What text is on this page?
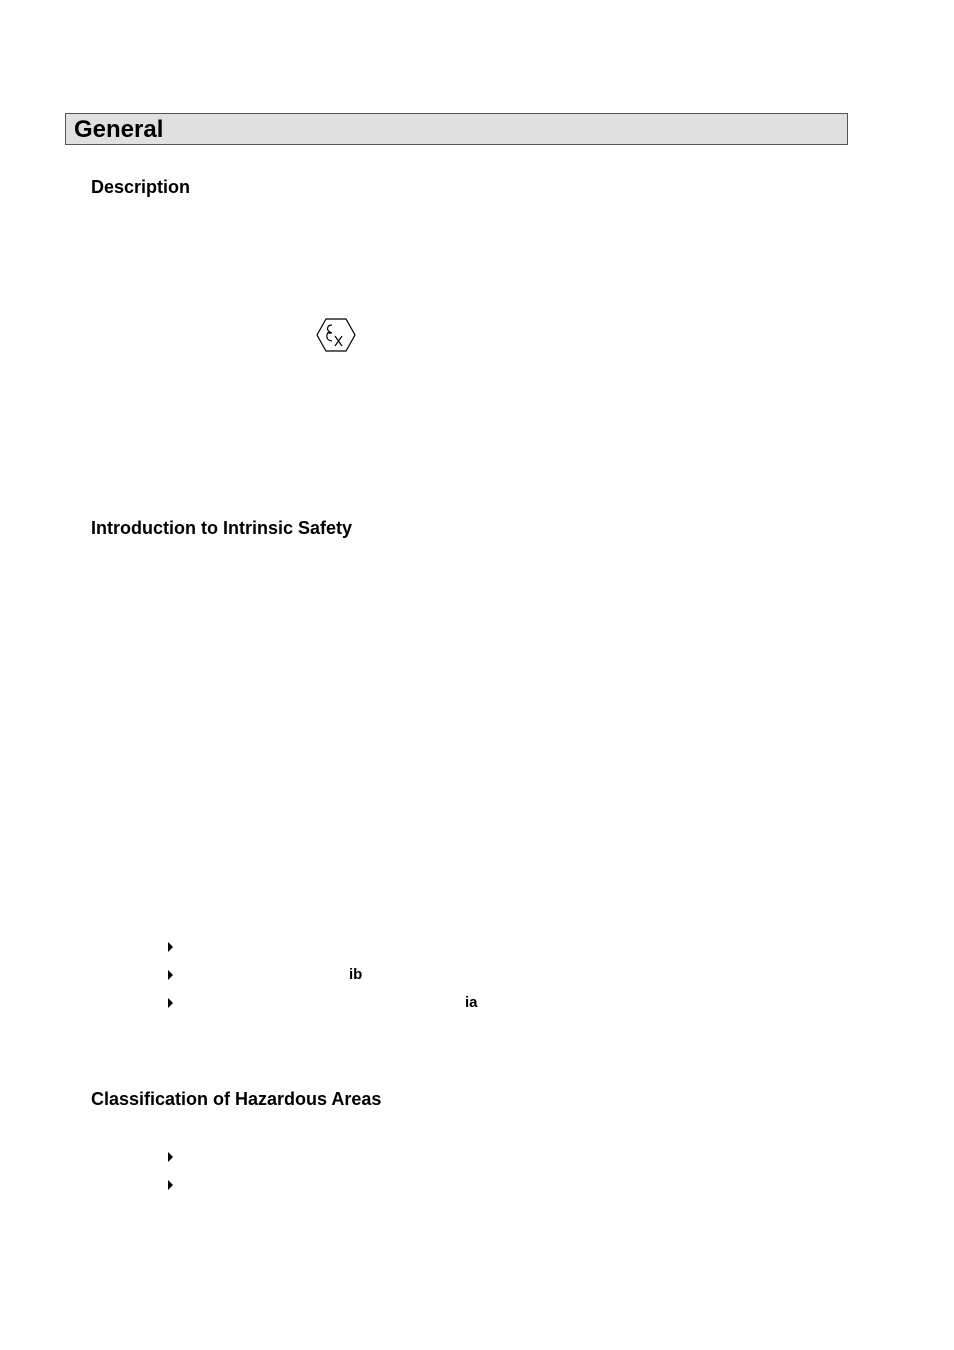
General
Description
Introduction to Intrinsic Safety
ib
ia
Classification of Hazardous Areas
